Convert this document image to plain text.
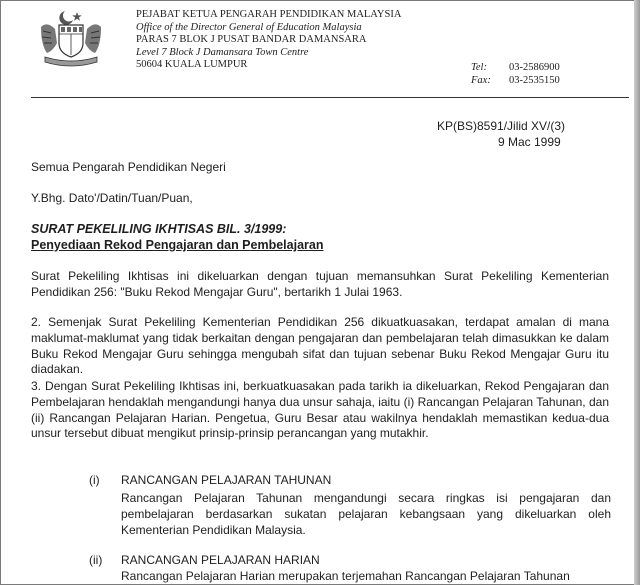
PEJABAT KETUA PENGARAH PENDIDIKAN MALAYSIA
Office of the Director General of Education Malaysia
PARAS 7 BLOK J PUSAT BANDAR DAMANSARA
Level 7 Block J Damansara Town Centre
50604 KUALA LUMPUR	Tel:	03-2586900
Fax:	03-2535150
KP(BS)8591/Jilid XV/(3)
9 Mac 1999
Semua Pengarah Pendidikan Negeri
Y.Bhg. Dato'/Datin/Tuan/Puan,
SURAT PEKELILING IKHTISAS BIL. 3/1999:
Penyediaan Rekod Pengajaran dan Pembelajaran
Surat Pekeliling Ikhtisas ini dikeluarkan dengan tujuan memansuhkan Surat Pekeliling Kementerian Pendidikan 256: "Buku Rekod Mengajar Guru", bertarikh 1 Julai 1963.
2. Semenjak Surat Pekeliling Kementerian Pendidikan 256 dikuatkuasakan, terdapat amalan di mana maklumat-maklumat yang tidak berkaitan dengan pengajaran dan pembelajaran telah dimasukkan ke dalam Buku Rekod Mengajar Guru sehingga mengubah sifat dan tujuan sebenar Buku Rekod Mengajar Guru itu diadakan.
3. Dengan Surat Pekeliling Ikhtisas ini, berkuatkuasakan pada tarikh ia dikeluarkan, Rekod Pengajaran dan Pembelajaran hendaklah mengandungi hanya dua unsur sahaja, iaitu (i) Rancangan Pelajaran Tahunan, dan (ii) Rancangan Pelajaran Harian. Pengetua, Guru Besar atau wakilnya hendaklah memastikan kedua-dua unsur tersebut dibuat mengikut prinsip-prinsip perancangan yang mutakhir.
(i) RANCANGAN PELAJARAN TAHUNAN
Rancangan Pelajaran Tahunan mengandungi secara ringkas isi pengajaran dan pembelajaran berdasarkan sukatan pelajaran kebangsaan yang dikeluarkan oleh Kementerian Pendidikan Malaysia.
(ii) RANCANGAN PELAJARAN HARIAN
Rancangan Pelajaran Harian merupakan terjemahan Rancangan Pelajaran Tahunan
